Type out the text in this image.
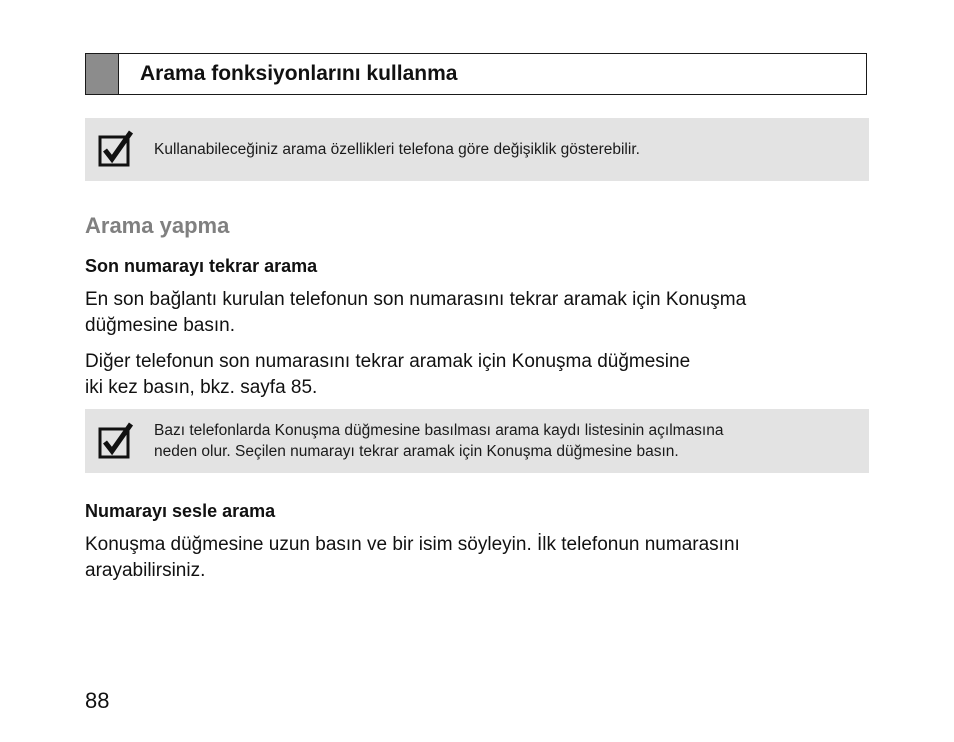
Arama fonksiyonlarını kullanma
Kullanabileceğiniz arama özellikleri telefona göre değişiklik gösterebilir.
Arama yapma
Son numarayı tekrar arama
En son bağlantı kurulan telefonun son numarasını tekrar aramak için Konuşma
düğmesine basın.
Diğer telefonun son numarasını tekrar aramak için Konuşma düğmesine
iki kez basın, bkz. sayfa 85.
Bazı telefonlarda Konuşma düğmesine basılması arama kaydı listesinin açılmasına
neden olur. Seçilen numarayı tekrar aramak için Konuşma düğmesine basın.
Numarayı sesle arama
Konuşma düğmesine uzun basın ve bir isim söyleyin. İlk telefonun numarasını
arayabilirsiniz.
88
